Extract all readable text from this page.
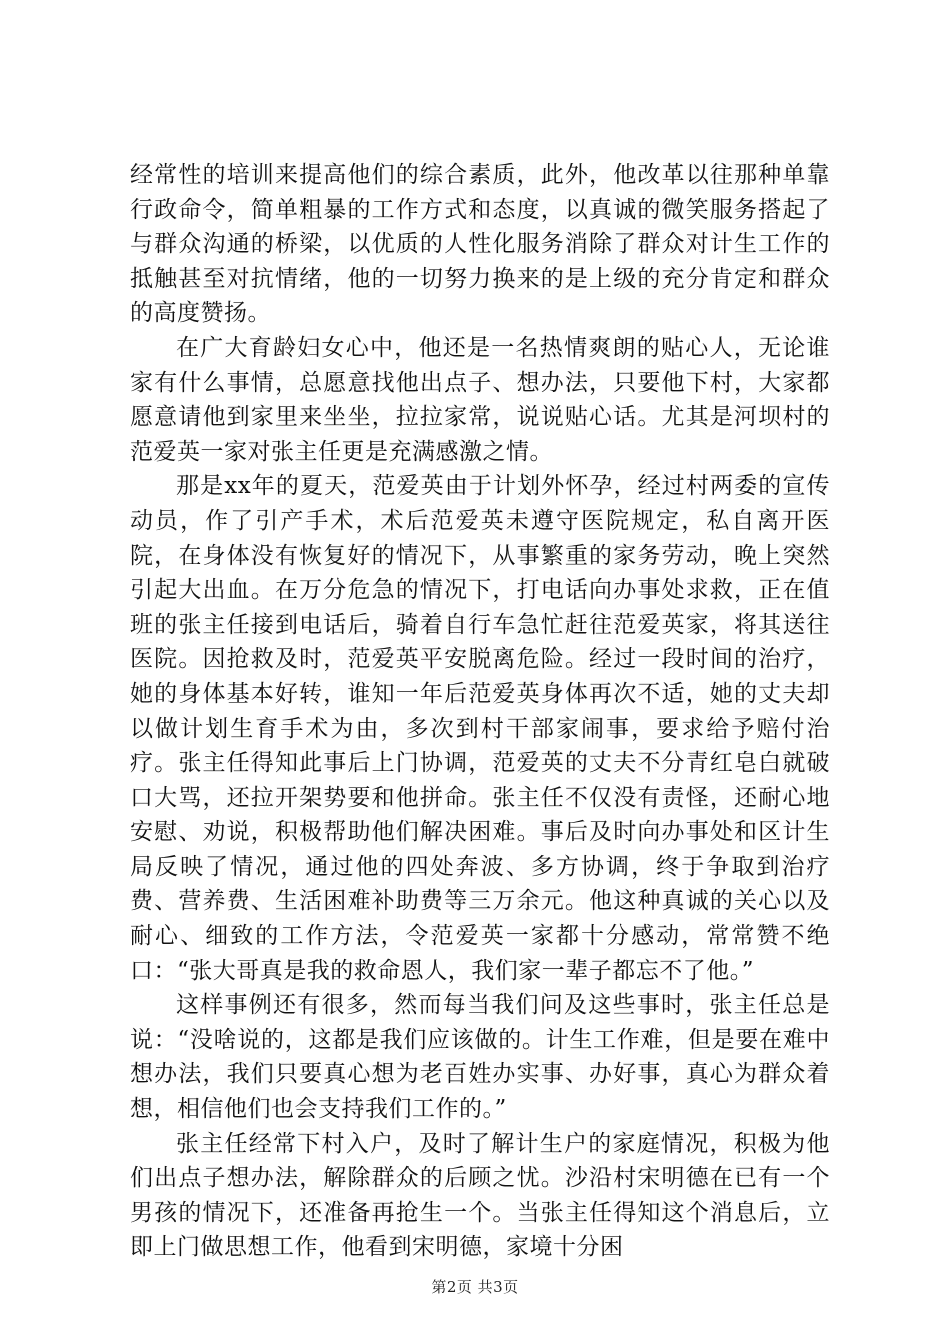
经常性的培训来提高他们的综合素质，此外，他改革以往那种单靠行政命令，简单粗暴的工作方式和态度，以真诚的微笑服务搭起了与群众沟通的桥梁，以优质的人性化服务消除了群众对计生工作的抵触甚至对抗情绪，他的一切努力换来的是上级的充分肯定和群众的高度赞扬。

在广大育龄妇女心中，他还是一名热情爽朗的贴心人，无论谁家有什么事情，总愿意找他出点子、想办法，只要他下村，大家都愿意请他到家里来坐坐，拉拉家常，说说贴心话。尤其是河坝村的范爱英一家对张主任更是充满感激之情。

那是xx年的夏天，范爱英由于计划外怀孕，经过村两委的宣传动员，作了引产手术，术后范爱英未遵守医院规定，私自离开医院，在身体没有恢复好的情况下，从事繁重的家务劳动，晚上突然引起大出血。在万分危急的情况下，打电话向办事处求救，正在值班的张主任接到电话后，骑着自行车急忙赶往范爱英家，将其送往医院。因抢救及时，范爱英平安脱离危险。经过一段时间的治疗，她的身体基本好转，谁知一年后范爱英身体再次不适，她的丈夫却以做计划生育手术为由，多次到村干部家闹事，要求给予赔付治疗。张主任得知此事后上门协调，范爱英的丈夫不分青红皂白就破口大骂，还拉开架势要和他拼命。张主任不仅没有责怪，还耐心地安慰、劝说，积极帮助他们解决困难。事后及时向办事处和区计生局反映了情况，通过他的四处奔波、多方协调，终于争取到治疗费、营养费、生活困难补助费等三万余元。他这种真诚的关心以及耐心、细致的工作方法，令范爱英一家都十分感动，常常赞不绝口：“张大哥真是我的救命恩人，我们家一辈子都忘不了他。”

这样事例还有很多，然而每当我们问及这些事时，张主任总是说：“没啥说的，这都是我们应该做的。计生工作难，但是要在难中想办法，我们只要真心想为老百姓办实事、办好事，真心为群众着想，相信他们也会支持我们工作的。”

张主任经常下村入户，及时了解计生户的家庭情况，积极为他们出点子想办法，解除群众的后顾之忧。沙沿村宋明德在已有一个男孩的情况下，还准备再抢生一个。当张主任得知这个消息后，立即上门做思想工作，他看到宋明德，家境十分困

第2页 共3页
